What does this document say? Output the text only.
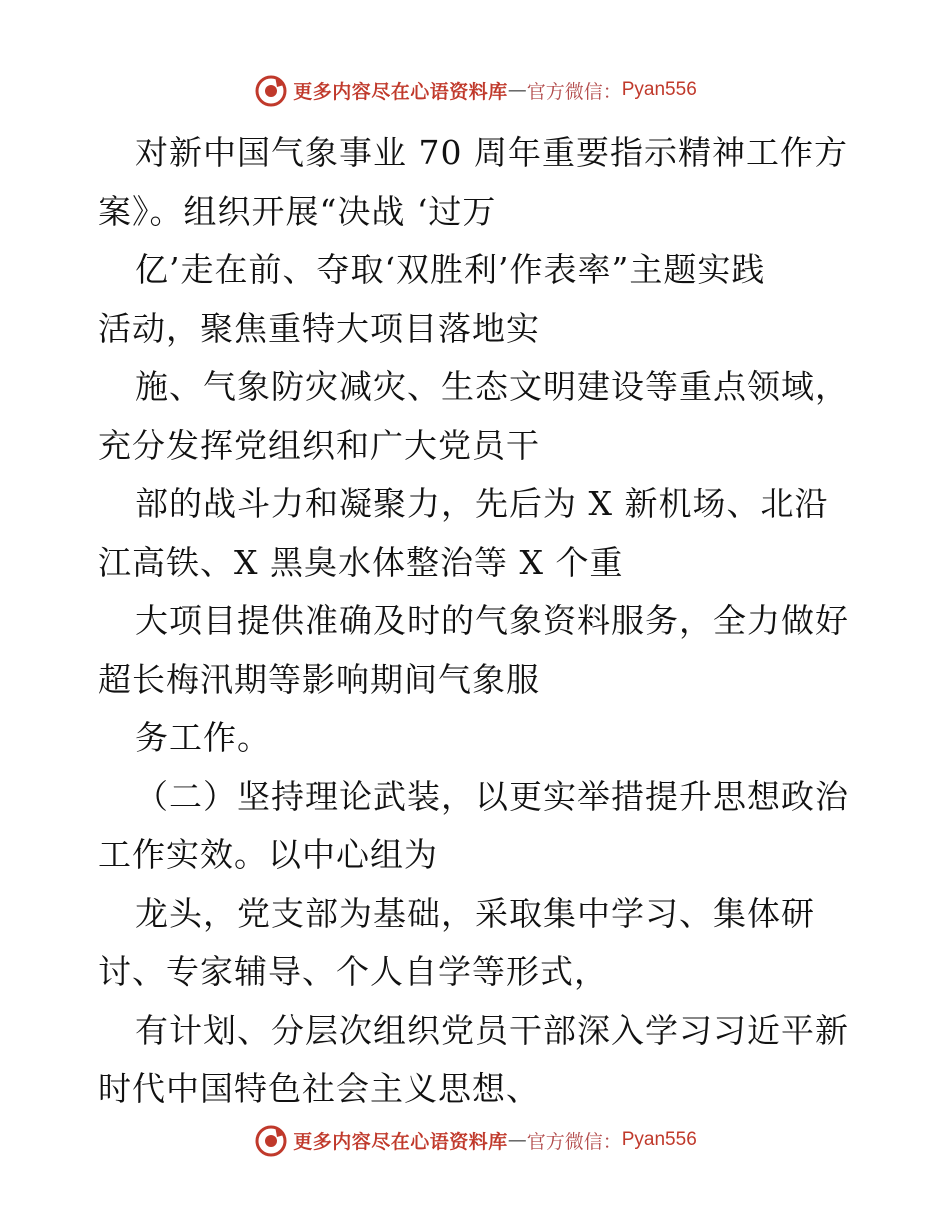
更多内容尽在心语资料库 — 官方微信： Pyan556
对新中国气象事业 70 周年重要指示精神工作方
案》。组织开展“决战 ‘过万
亿’走在前、夺取‘双胜利’作表率”主题实践
活动，聚焦重特大项目落地实
施、气象防灾减灾、生态文明建设等重点领域，
充分发挥党组织和广大党员干
部的战斗力和凝聚力，先后为 X 新机场、北沿
江高铁、X 黑臭水体整治等 X 个重
大项目提供准确及时的气象资料服务，全力做好
超长梅汛期等影响期间气象服
务工作。
（二）坚持理论武装，以更实举措提升思想政治
工作实效。以中心组为
龙头，党支部为基础，采取集中学习、集体研
讨、专家辅导、个人自学等形式，
有计划、分层次组织党员干部深入学习习近平新
时代中国特色社会主义思想、
更多内容尽在心语资料库 — 官方微信： Pyan556
